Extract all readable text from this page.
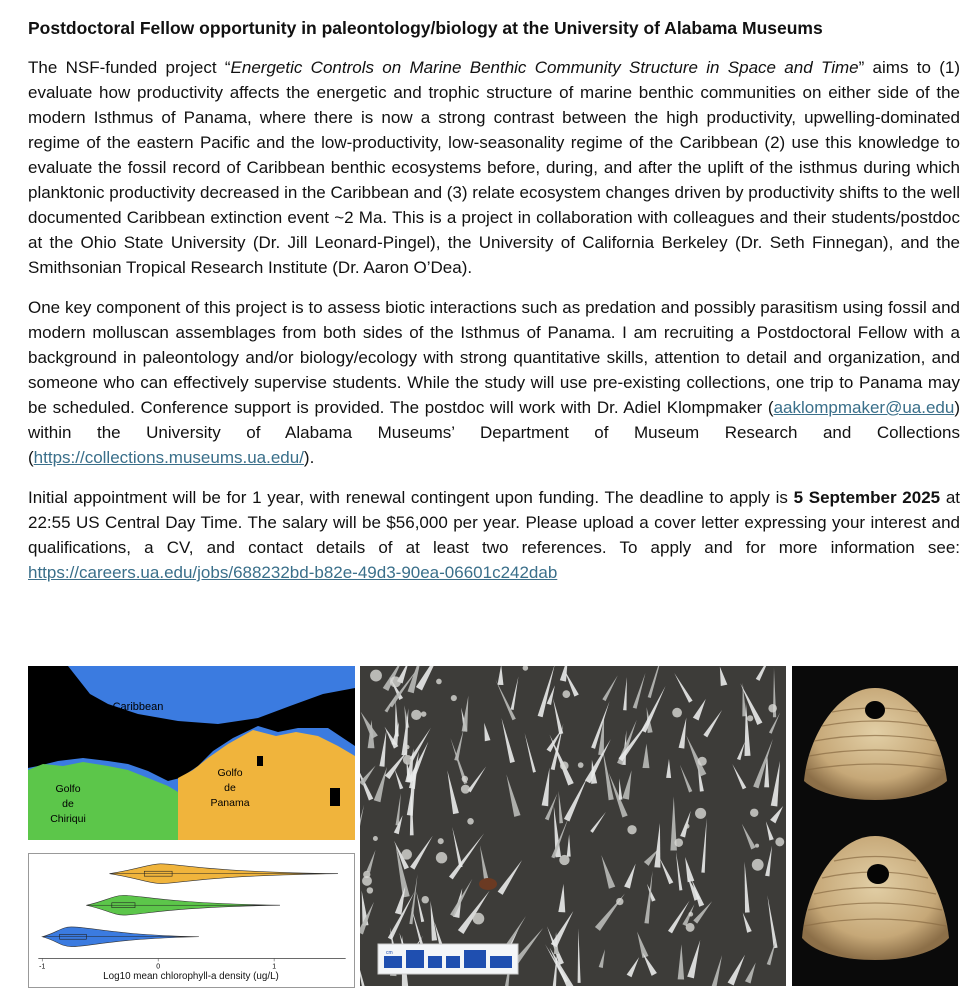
Postdoctoral Fellow opportunity in paleontology/biology at the University of Alabama Museums

The NSF-funded project “Energetic Controls on Marine Benthic Community Structure in Space and Time” aims to (1) evaluate how productivity affects the energetic and trophic structure of marine benthic communities on either side of the modern Isthmus of Panama, where there is now a strong contrast between the high productivity, upwelling-dominated regime of the eastern Pacific and the low-productivity, low-seasonality regime of the Caribbean (2) use this knowledge to evaluate the fossil record of Caribbean benthic ecosystems before, during, and after the uplift of the isthmus during which planktonic productivity decreased in the Caribbean and (3) relate ecosystem changes driven by productivity shifts to the well documented Caribbean extinction event ~2 Ma. This is a project in collaboration with colleagues and their students/postdoc at the Ohio State University (Dr. Jill Leonard-Pingel), the University of California Berkeley (Dr. Seth Finnegan), and the Smithsonian Tropical Research Institute (Dr. Aaron O’Dea).

One key component of this project is to assess biotic interactions such as predation and possibly parasitism using fossil and modern molluscan assemblages from both sides of the Isthmus of Panama. I am recruiting a Postdoctoral Fellow with a background in paleontology and/or biology/ecology with strong quantitative skills, attention to detail and organization, and someone who can effectively supervise students. While the study will use pre-existing collections, one trip to Panama may be scheduled. Conference support is provided. The postdoc will work with Dr. Adiel Klompmaker (aaklompmaker@ua.edu) within the University of Alabama Museums’ Department of Museum Research and Collections (https://collections.museums.ua.edu/).

Initial appointment will be for 1 year, with renewal contingent upon funding. The deadline to apply is 5 September 2025 at 22:55 US Central Day Time. The salary will be $56,000 per year. Please upload a cover letter expressing your interest and qualifications, a CV, and contact details of at least two references. To apply and for more information see: https://careers.ua.edu/jobs/688232bd-b82e-49d3-90ea-06601c242dab

Caribbean
Golfo
de
Chiriqui
Golfo
de
Panama
-1	0	1
Log10 mean chlorophyll-a density (ug/L)
cm
